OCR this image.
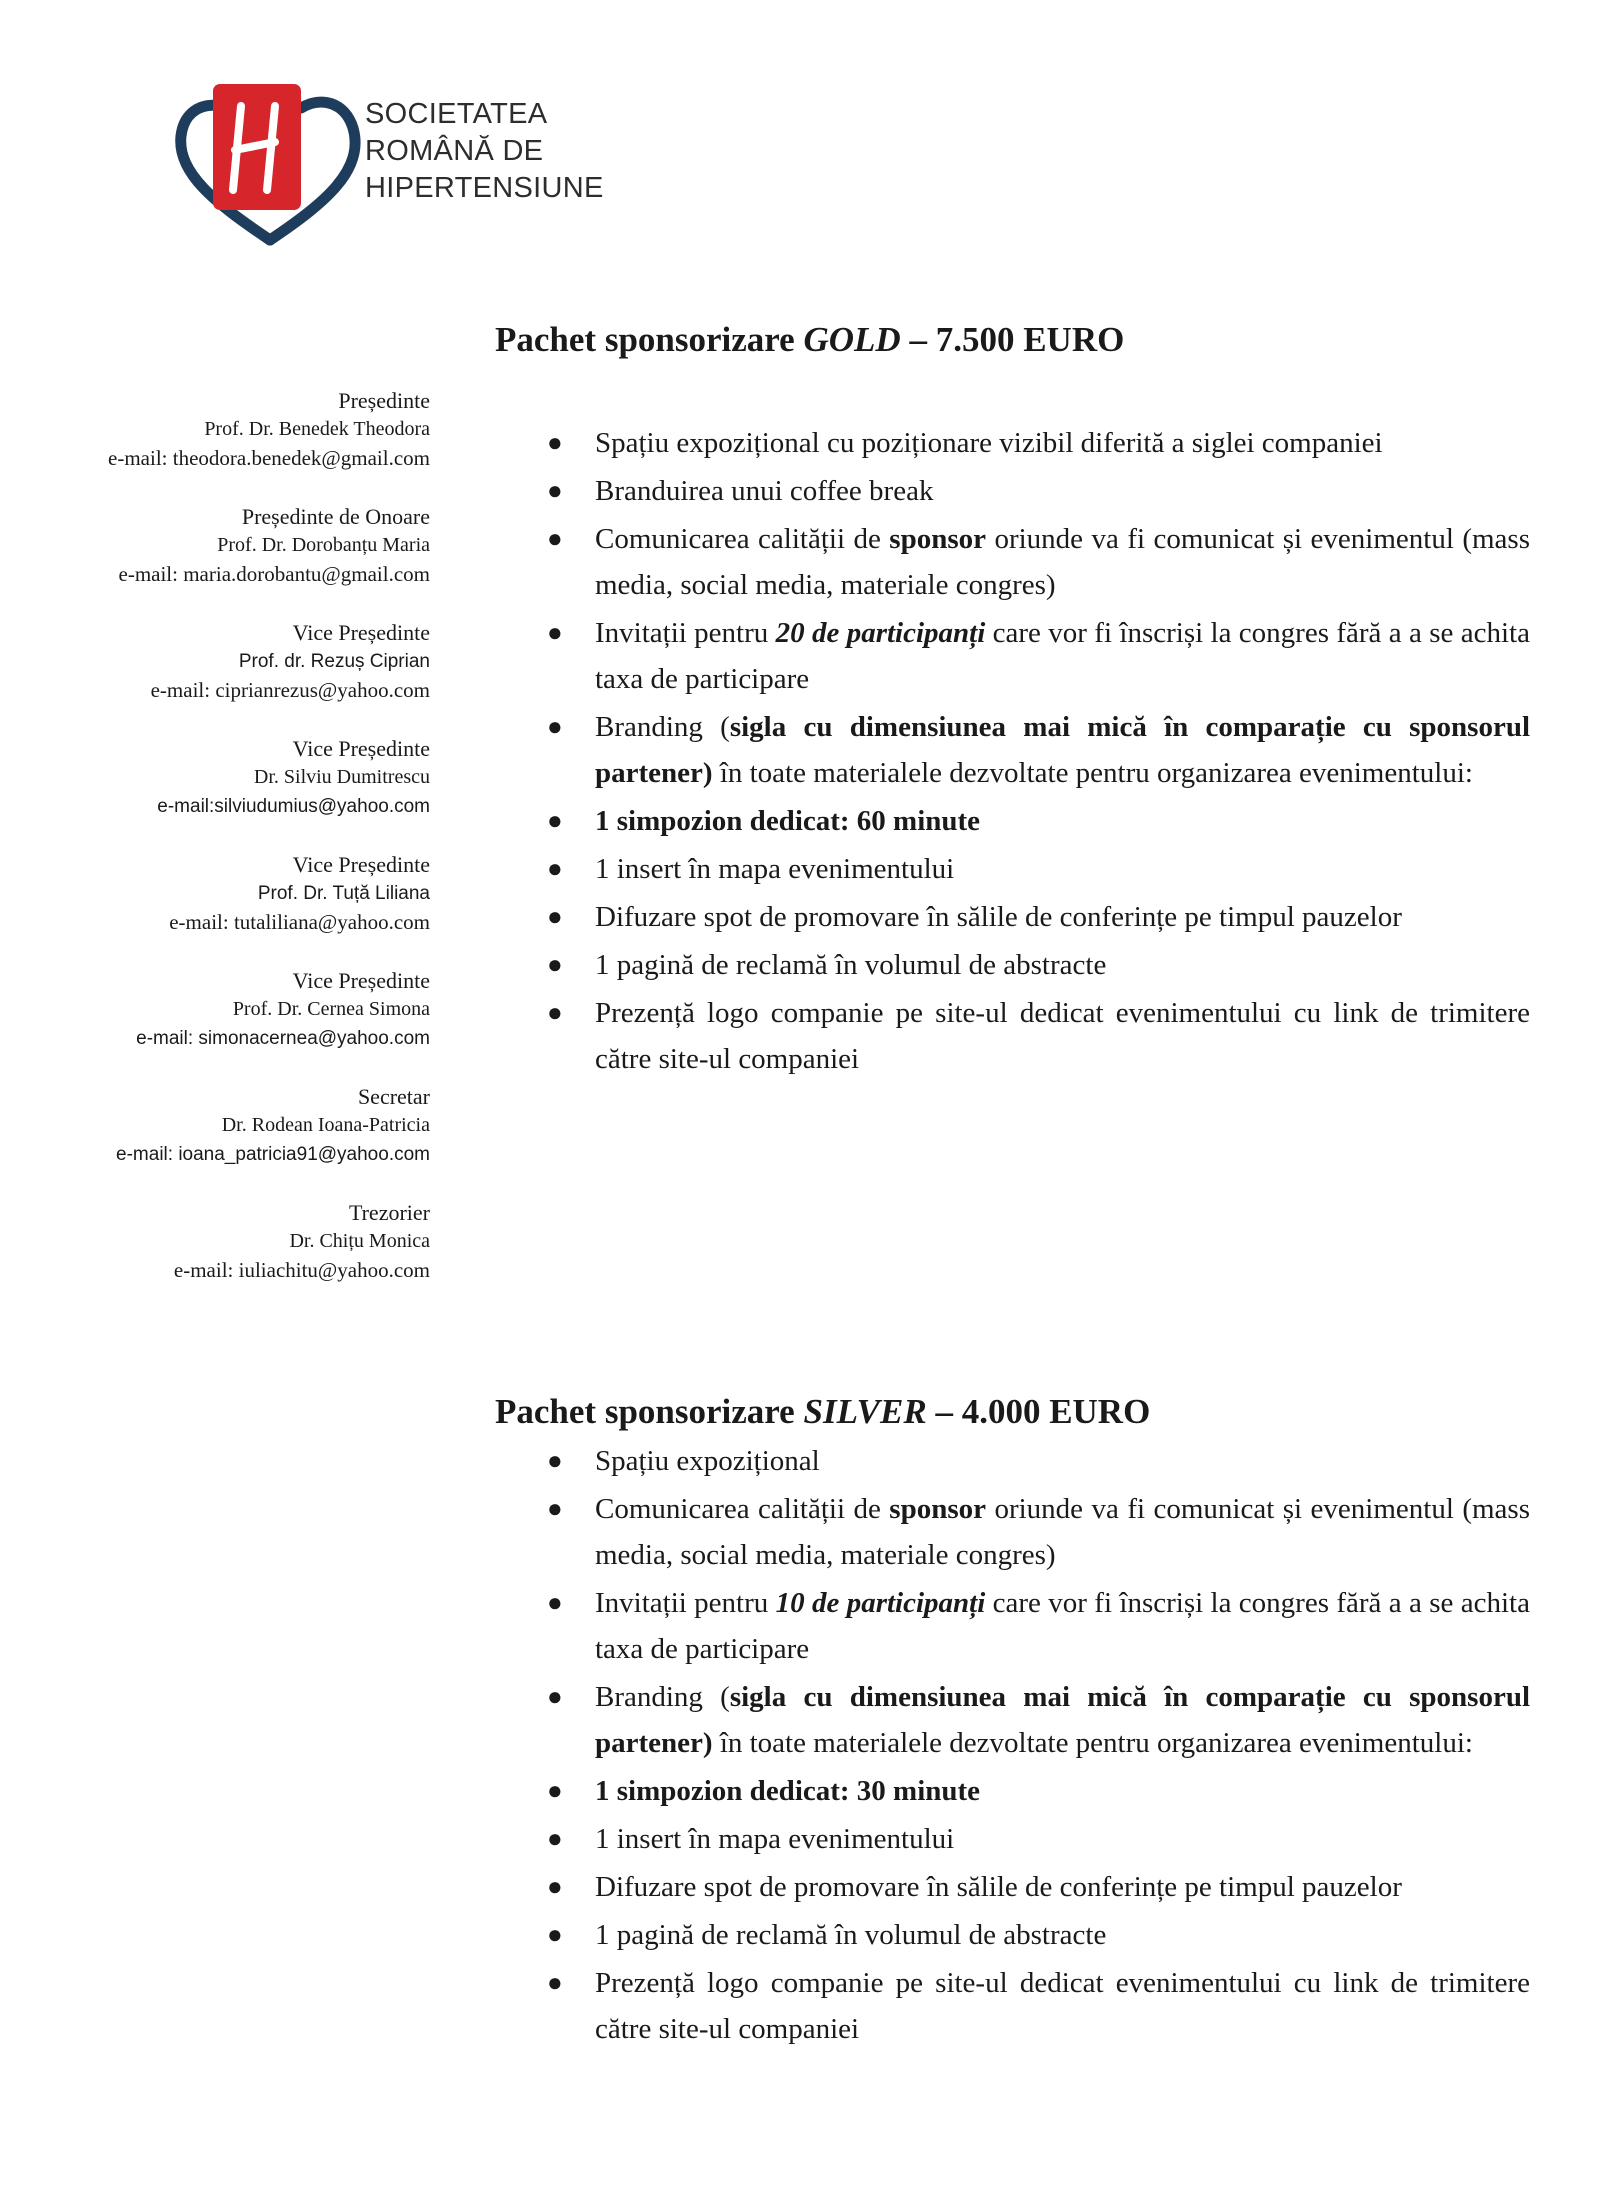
SOCIETATEA
ROMÂNĂ DE
HIPERTENSIUNE
Președinte
Prof. Dr. Benedek Theodora
e-mail: theodora.benedek@gmail.com
Președinte de Onoare
Prof. Dr. Dorobanțu Maria
e-mail: maria.dorobantu@gmail.com
Vice Președinte
Prof. dr. Rezuș Ciprian
e-mail: ciprianrezus@yahoo.com
Vice Președinte
Dr. Silviu Dumitrescu
e-mail:silviudumius@yahoo.com
Vice Președinte
Prof. Dr. Tuță Liliana
e-mail: tutaliliana@yahoo.com
Vice Președinte
Prof. Dr. Cernea Simona
e-mail: simonacernea@yahoo.com
Secretar
Dr. Rodean Ioana-Patricia
e-mail: ioana_patricia91@yahoo.com
Trezorier
Dr. Chițu Monica
e-mail: iuliachitu@yahoo.com
Pachet sponsorizare GOLD – 7.500 EURO
● Spațiu expozițional cu poziționare vizibil diferită a siglei companiei
● Branduirea unui coffee break
● Comunicarea calității de sponsor oriunde va fi comunicat și evenimentul (mass media, social media, materiale congres)
● Invitații pentru 20 de participanți care vor fi înscriși la congres fără a a se achita taxa de participare
● Branding (sigla cu dimensiunea mai mică în comparație cu sponsorul partener) în toate materialele dezvoltate pentru organizarea evenimentului:
● 1 simpozion dedicat: 60 minute
● 1 insert în mapa evenimentului
● Difuzare spot de promovare în sălile de conferințe pe timpul pauzelor
● 1 pagină de reclamă în volumul de abstracte
● Prezență logo companie pe site-ul dedicat evenimentului cu link de trimitere către site-ul companiei
Pachet sponsorizare SILVER – 4.000 EURO
● Spațiu expozițional
● Comunicarea calității de sponsor oriunde va fi comunicat și evenimentul (mass media, social media, materiale congres)
● Invitații pentru 10 de participanți care vor fi înscriși la congres fără a a se achita taxa de participare
● Branding (sigla cu dimensiunea mai mică în comparație cu sponsorul partener) în toate materialele dezvoltate pentru organizarea evenimentului:
● 1 simpozion dedicat: 30 minute
● 1 insert în mapa evenimentului
● Difuzare spot de promovare în sălile de conferințe pe timpul pauzelor
● 1 pagină de reclamă în volumul de abstracte
● Prezență logo companie pe site-ul dedicat evenimentului cu link de trimitere către site-ul companiei
